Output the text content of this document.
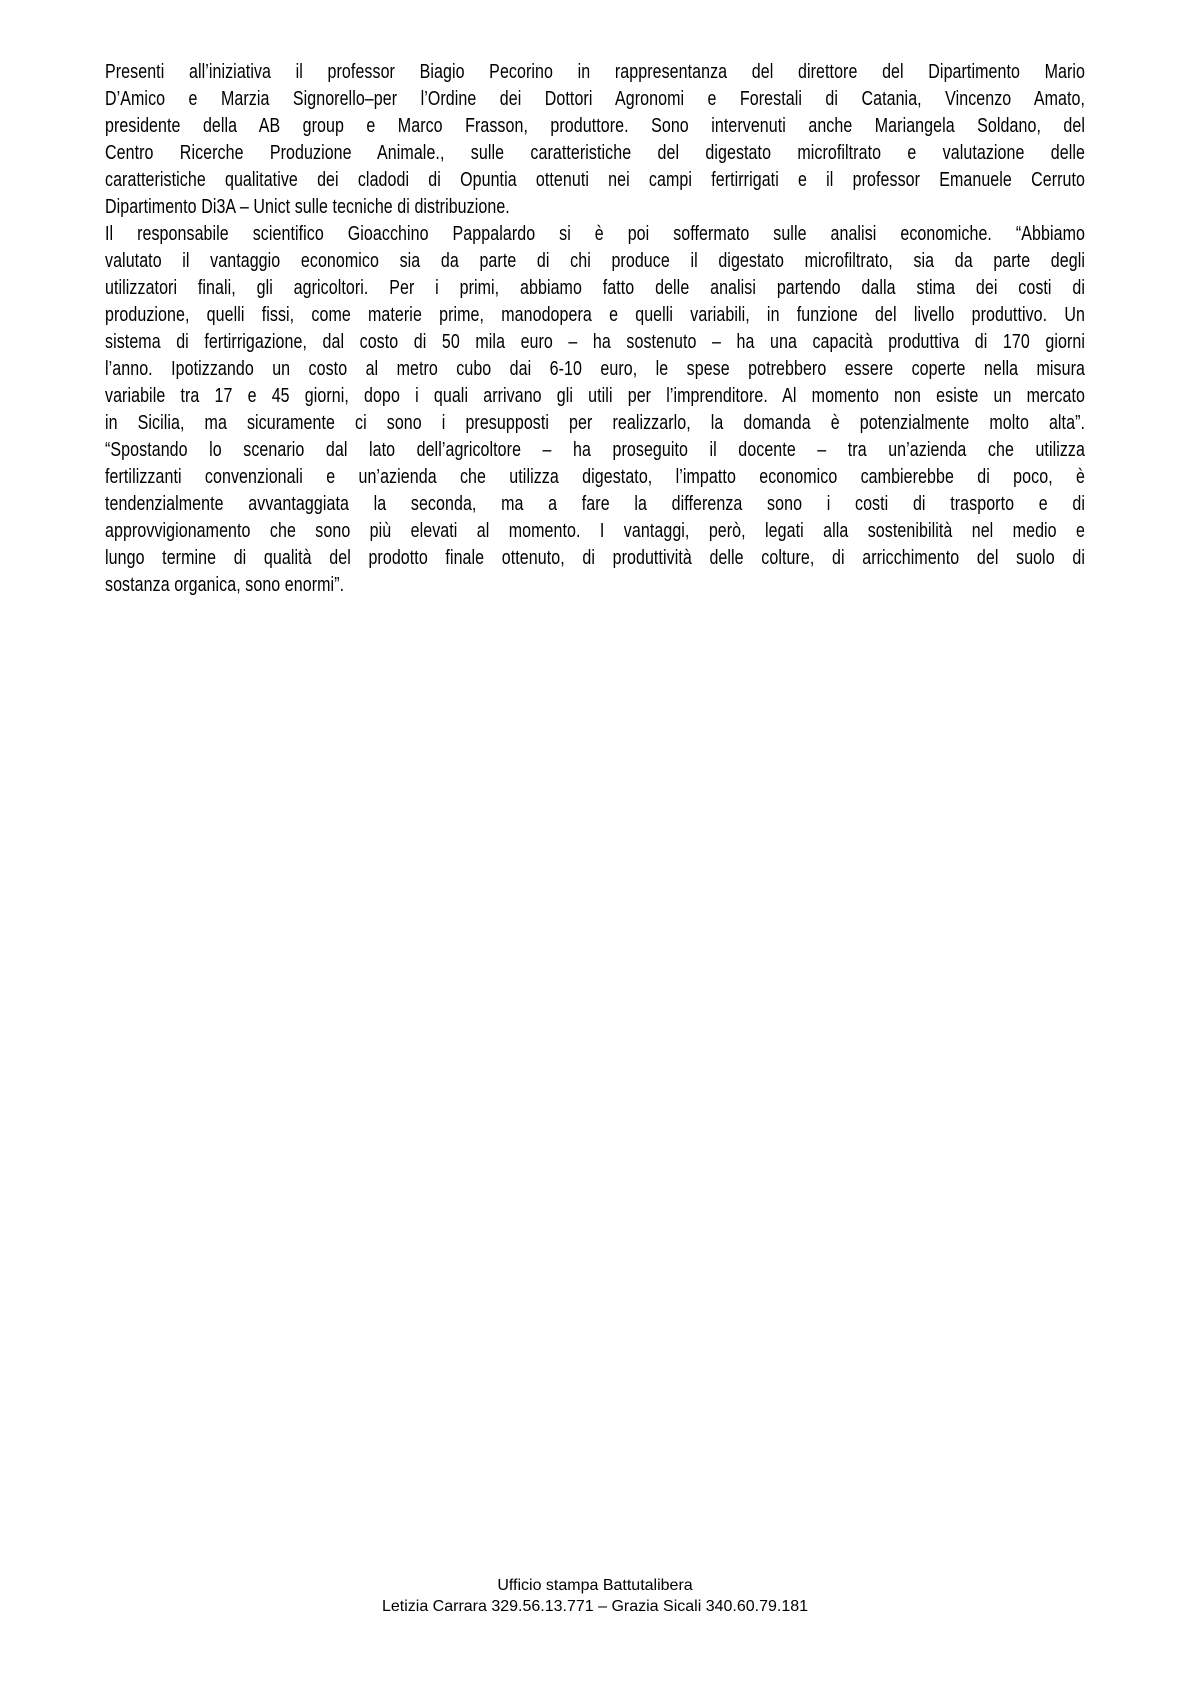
Presenti all’iniziativa il professor Biagio Pecorino in rappresentanza del direttore del Dipartimento Mario
D’Amico e Marzia Signorello–per l’Ordine dei Dottori Agronomi e Forestali di Catania, Vincenzo Amato,
presidente della AB group e Marco Frasson, produttore. Sono intervenuti anche Mariangela Soldano, del
Centro Ricerche Produzione Animale., sulle caratteristiche del digestato microfiltrato e valutazione delle
caratteristiche qualitative dei cladodi di Opuntia ottenuti nei campi fertirrigati e il professor Emanuele Cerruto
Dipartimento Di3A – Unict sulle tecniche di distribuzione.
Il responsabile scientifico Gioacchino Pappalardo si è poi soffermato sulle analisi economiche. “Abbiamo
valutato il vantaggio economico sia da parte di chi produce il digestato microfiltrato, sia da parte degli
utilizzatori finali, gli agricoltori. Per i primi, abbiamo fatto delle analisi partendo dalla stima dei costi di
produzione, quelli fissi, come materie prime, manodopera e quelli variabili, in funzione del livello produttivo. Un
sistema di fertirrigazione, dal costo di 50 mila euro – ha sostenuto – ha una capacità produttiva di 170 giorni
l’anno. Ipotizzando un costo al metro cubo dai 6-10 euro, le spese potrebbero essere coperte nella misura
variabile tra 17 e 45 giorni, dopo i quali arrivano gli utili per l’imprenditore. Al momento non esiste un mercato
in Sicilia, ma sicuramente ci sono i presupposti per realizzarlo, la domanda è potenzialmente molto alta”.
“Spostando lo scenario dal lato dell’agricoltore – ha proseguito il docente – tra un’azienda che utilizza
fertilizzanti convenzionali e un’azienda che utilizza digestato, l’impatto economico cambierebbe di poco, è
tendenzialmente avvantaggiata la seconda, ma a fare la differenza sono i costi di trasporto e di
approvvigionamento che sono più elevati al momento. I vantaggi, però, legati alla sostenibilità nel medio e
lungo termine di qualità del prodotto finale ottenuto, di produttività delle colture, di arricchimento del suolo di
sostanza organica, sono enormi”.
Ufficio stampa Battutalibera
Letizia Carrara 329.56.13.771 – Grazia Sicali 340.60.79.181
